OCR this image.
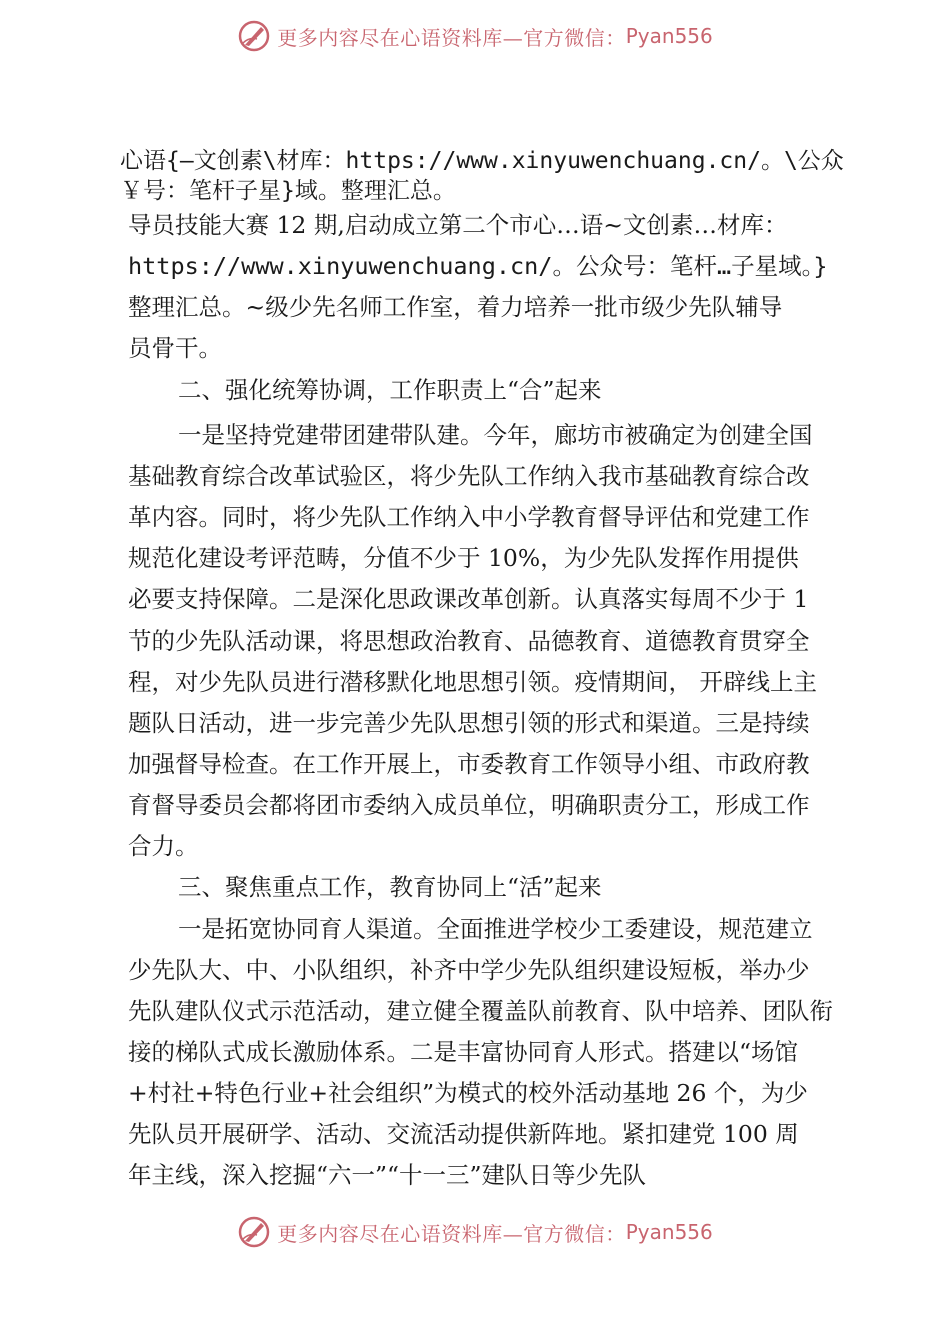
更多内容尽在心语资料库—官方微信： Pyan556
心语{—文创素\材库：https://www.xinyuwenchuang.cn/。\公众
￥号：笔杆子星}域。整理汇总。
导员技能大赛 12 期,启动成立第二个市心…语~文创素…材库：
https://www.xinyuwenchuang.cn/。公众号：笔杆…子星域。}
整理汇总。~级少先名师工作室，着力培养一批市级少先队辅导
员骨干。
二、强化统筹协调，工作职责上“合”起来
一是坚持党建带团建带队建。今年，廊坊市被确定为创建全国
基础教育综合改革试验区，将少先队工作纳入我市基础教育综合改
革内容。同时，将少先队工作纳入中小学教育督导评估和党建工作
规范化建设考评范畴，分值不少于 10%，为少先队发挥作用提供
必要支持保障。二是深化思政课改革创新。认真落实每周不少于 1
节的少先队活动课，将思想政治教育、品德教育、道德教育贯穿全
程，对少先队员进行潜移默化地思想引领。疫情期间， 开辟线上主
题队日活动，进一步完善少先队思想引领的形式和渠道。三是持续
加强督导检查。在工作开展上，市委教育工作领导小组、市政府教
育督导委员会都将团市委纳入成员单位，明确职责分工，形成工作
合力。
三、聚焦重点工作，教育协同上“活”起来
一是拓宽协同育人渠道。全面推进学校少工委建设，规范建立
少先队大、中、小队组织，补齐中学少先队组织建设短板，举办少
先队建队仪式示范活动，建立健全覆盖队前教育、队中培养、团队衔
接的梯队式成长激励体系。二是丰富协同育人形式。搭建以“场馆
+村社+特色行业+社会组织”为模式的校外活动基地 26 个，为少
先队员开展研学、活动、交流活动提供新阵地。紧扣建党 100 周
年主线，深入挖掘“六一”“十一三”建队日等少先队
更多内容尽在心语资料库—官方微信： Pyan556
